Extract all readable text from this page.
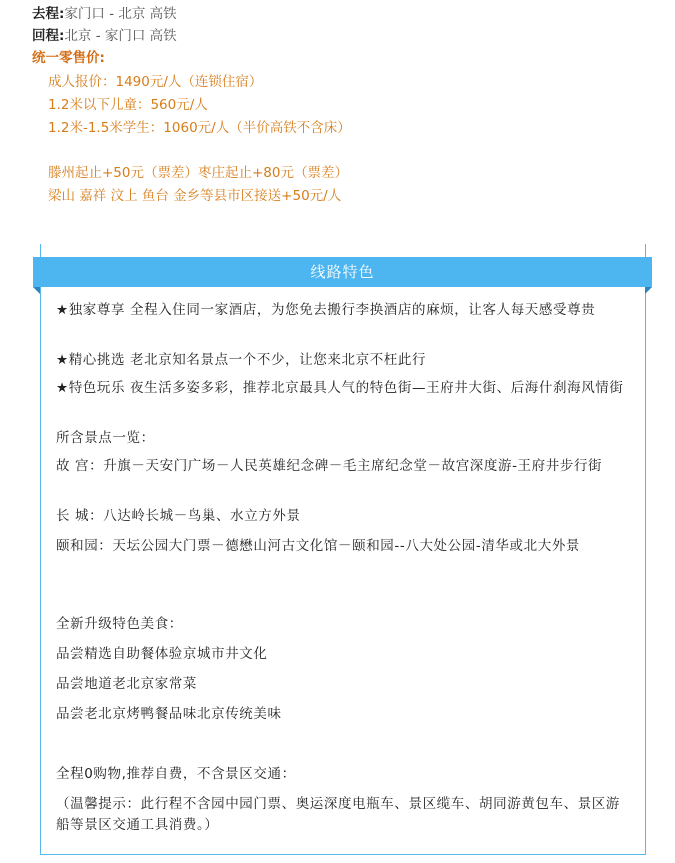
去程:家门口 - 北京 高铁
回程:北京 - 家门口 高铁
统一零售价:
成人报价：1490元/人（连锁住宿）
1.2米以下儿童：560元/人
1.2米-1.5米学生：1060元/人（半价高铁不含床）
滕州起止+50元（票差）枣庄起止+80元（票差）
梁山 嘉祥 汶上 鱼台 金乡等县市区接送+50元/人
线路特色

★独家尊享 全程入住同一家酒店，为您免去搬行李换酒店的麻烦，让客人每天感受尊贵

★精心挑选 老北京知名景点一个不少，让您来北京不枉此行

★特色玩乐 夜生活多姿多彩，推荐北京最具人气的特色街—王府井大街、后海什刹海风情街

所含景点一览：

故 宫：升旗－天安门广场－人民英雄纪念碑－毛主席纪念堂－故宫深度游-王府井步行街

长 城：八达岭长城－鸟巢、水立方外景

颐和园：天坛公园大门票－德懋山河古文化馆－颐和园--八大处公园-清华或北大外景

全新升级特色美食：

品尝精选自助餐体验京城市井文化

品尝地道老北京家常菜

品尝老北京烤鸭餐品味北京传统美味

全程0购物,推荐自费，不含景区交通：

（温馨提示：此行程不含园中园门票、奥运深度电瓶车、景区缆车、胡同游黄包车、景区游船等景区交通工具消费。）
